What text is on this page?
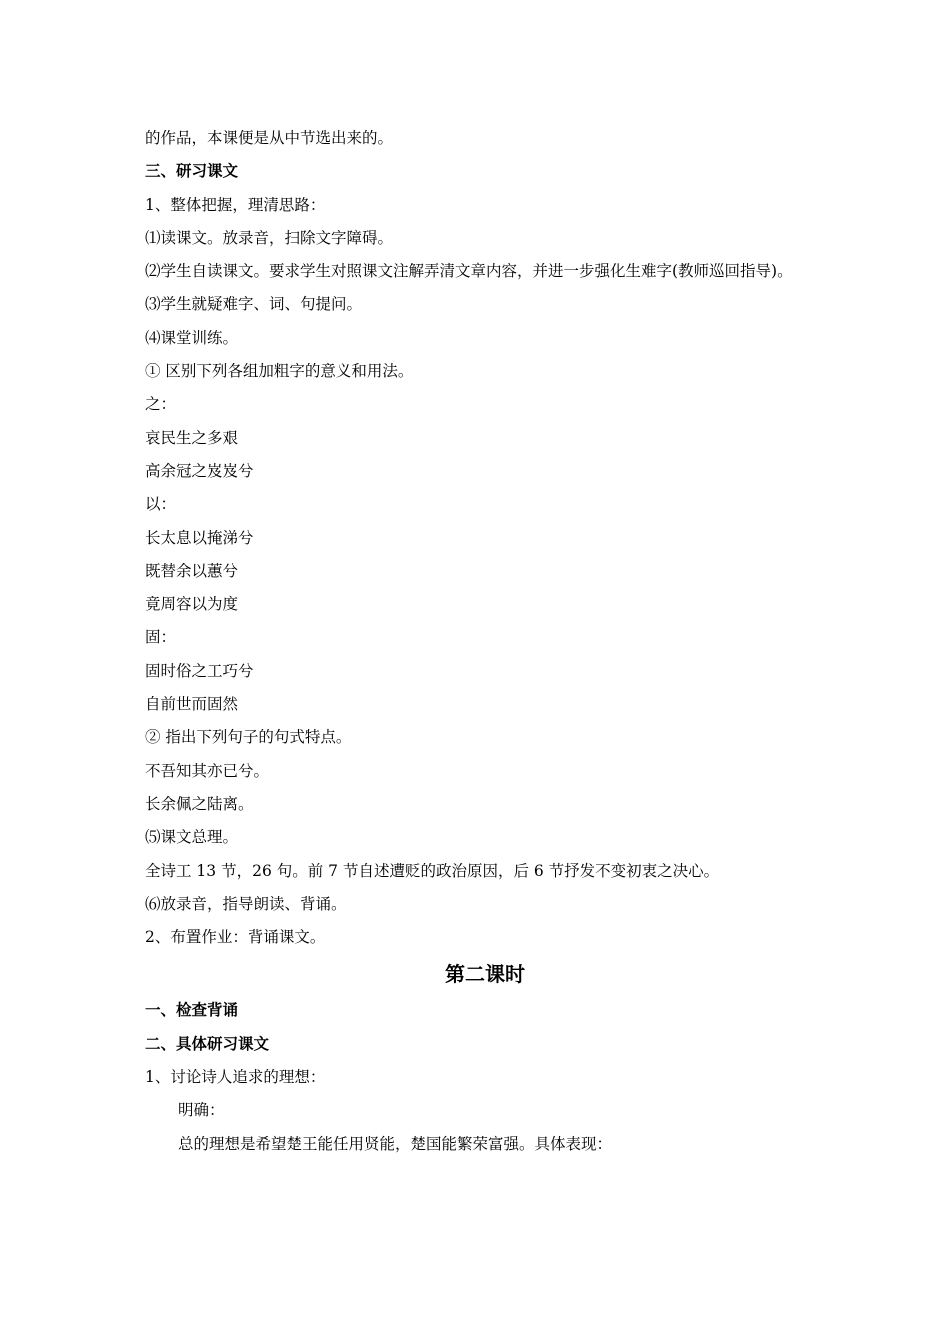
的作品，本课便是从中节选出来的。
三、研习课文
1、整体把握，理清思路：
⑴读课文。放录音，扫除文字障碍。
⑵学生自读课文。要求学生对照课文注解弄清文章内容，并进一步强化生难字(教师巡回指导)。
⑶学生就疑难字、词、句提问。
⑷课堂训练。
① 区别下列各组加粗字的意义和用法。
之：
哀民生之多艰
高余冠之岌岌兮
以：
长太息以掩涕兮
既替余以蕙兮
竟周容以为度
固：
固时俗之工巧兮
自前世而固然
② 指出下列句子的句式特点。
不吾知其亦已兮。
长余佩之陆离。
⑸课文总理。
全诗工 13 节，26 句。前 7 节自述遭贬的政治原因，后 6 节抒发不变初衷之决心。
⑹放录音，指导朗读、背诵。
2、布置作业：背诵课文。
第二课时
一、检查背诵
二、具体研习课文
1、讨论诗人追求的理想：
明确：
总的理想是希望楚王能任用贤能，楚国能繁荣富强。具体表现：
